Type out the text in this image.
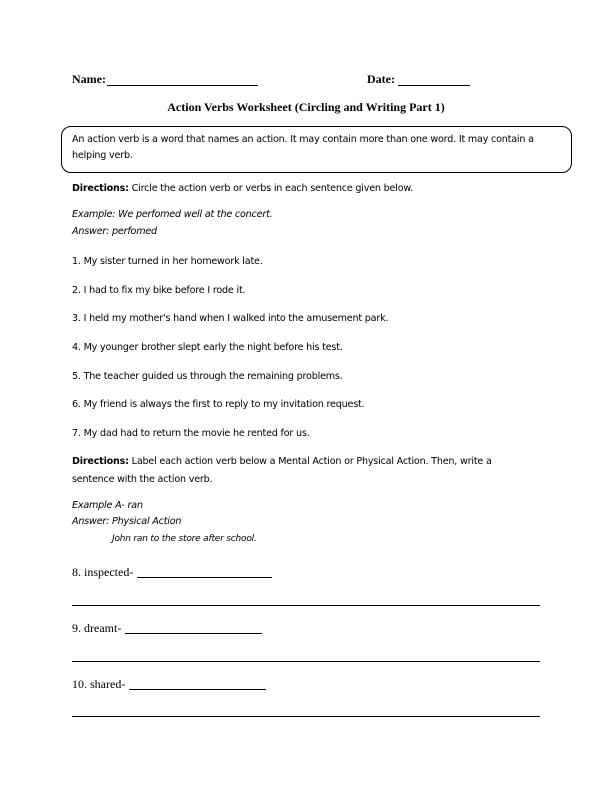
Name:	Date:
Action Verbs Worksheet (Circling and Writing Part 1)
An action verb is a word that names an action. It may contain more than one word. It may contain a
helping verb.
Directions: Circle the action verb or verbs in each sentence given below.
Example: We perfomed well at the concert.
Answer: perfomed
1. My sister turned in her homework late.
2. I had to fix my bike before I rode it.
3. I held my mother's hand when I walked into the amusement park.
4. My younger brother slept early the night before his test.
5. The teacher guided us through the remaining problems.
6. My friend is always the first to reply to my invitation request.
7. My dad had to return the movie he rented for us.
Directions: Label each action verb below a Mental Action or Physical Action. Then, write a
sentence with the action verb.
Example A- ran
Answer: Physical Action
John ran to the store after school.
8. inspected-
9. dreamt-
10. shared-
